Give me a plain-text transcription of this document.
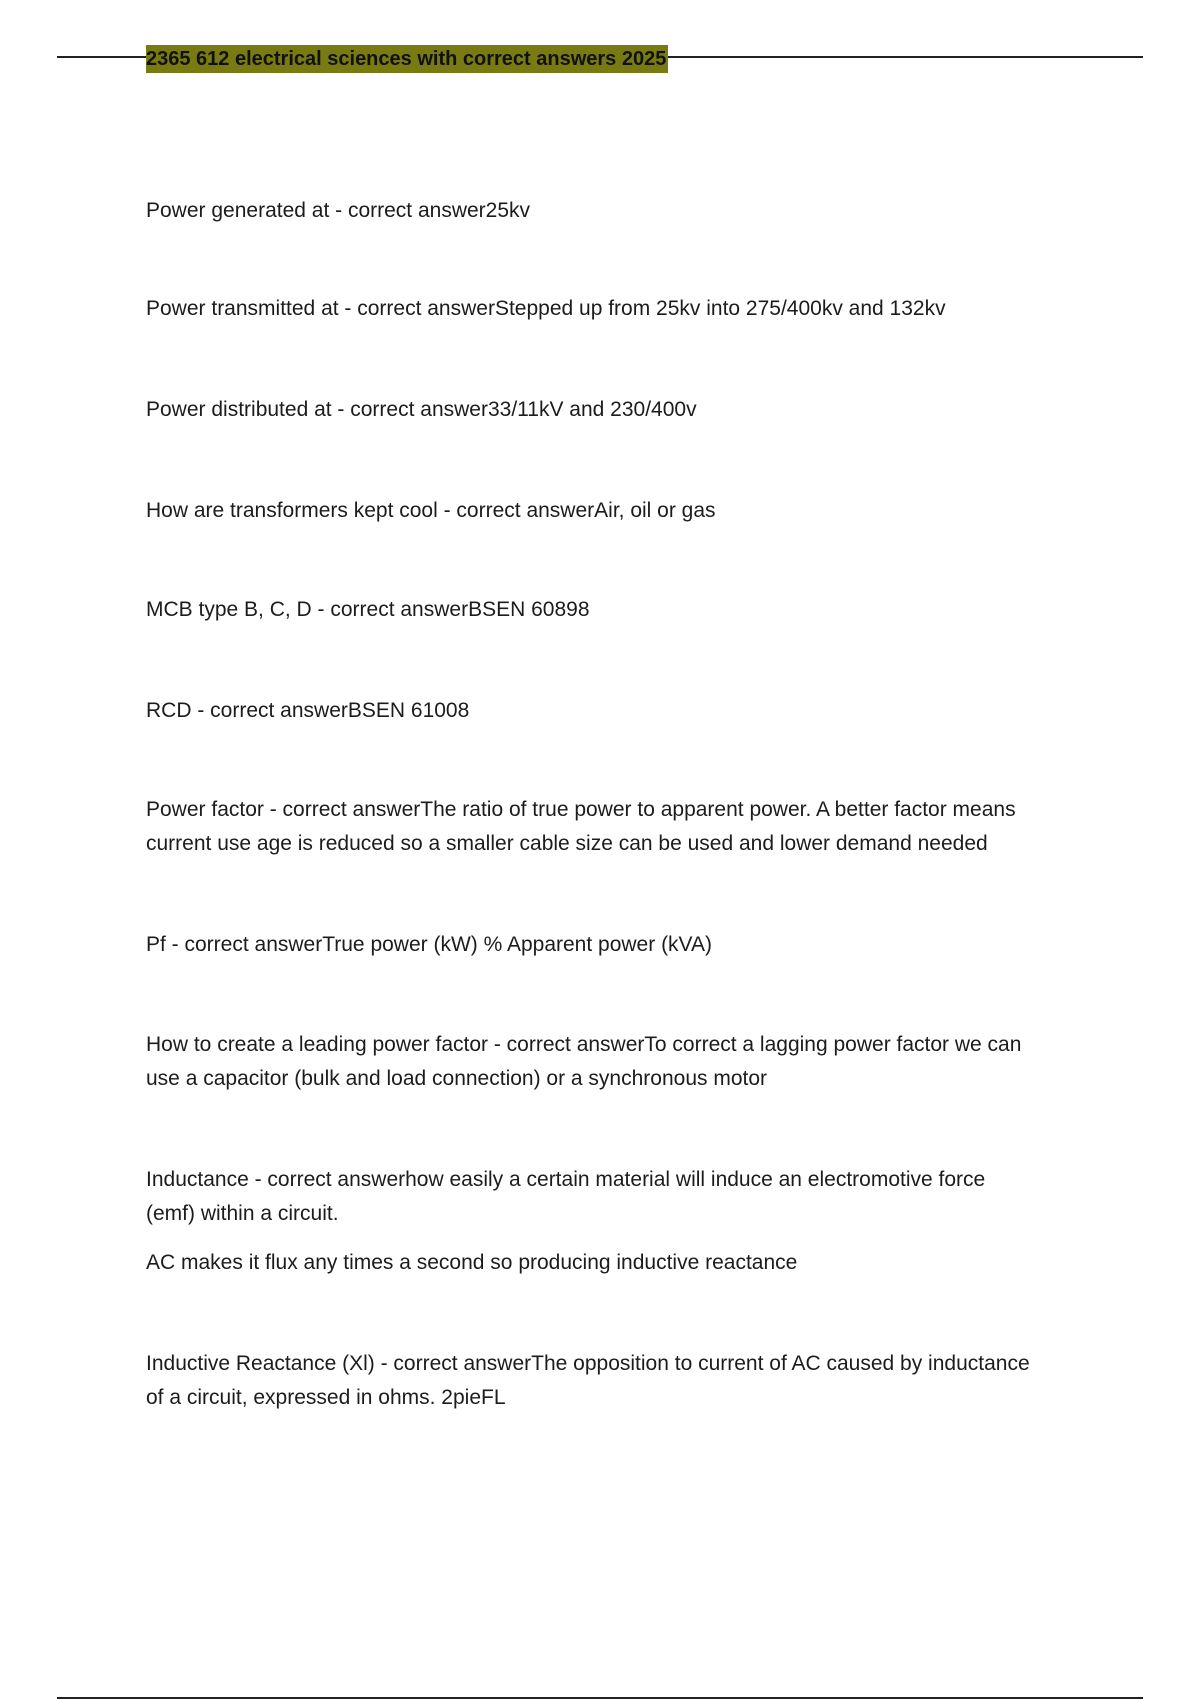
2365 612 electrical sciences with correct answers 2025

Power generated at - correct answer25kv

Power transmitted at - correct answerStepped up from 25kv into 275/400kv and 132kv

Power distributed at - correct answer33/11kV and 230/400v

How are transformers kept cool - correct answerAir, oil or gas

MCB type B, C, D - correct answerBSEN 60898

RCD - correct answerBSEN 61008

Power factor - correct answerThe ratio of true power to apparent power. A better factor means
current use age is reduced so a smaller cable size can be used and lower demand needed

Pf - correct answerTrue power (kW) % Apparent power (kVA)

How to create a leading power factor - correct answerTo correct a lagging power factor we can
use a capacitor (bulk and load connection) or a synchronous motor

Inductance - correct answerhow easily a certain material will induce an electromotive force
(emf) within a circuit.

AC makes it flux any times a second so producing inductive reactance

Inductive Reactance (Xl) - correct answerThe opposition to current of AC caused by inductance
of a circuit, expressed in ohms. 2pieFL
